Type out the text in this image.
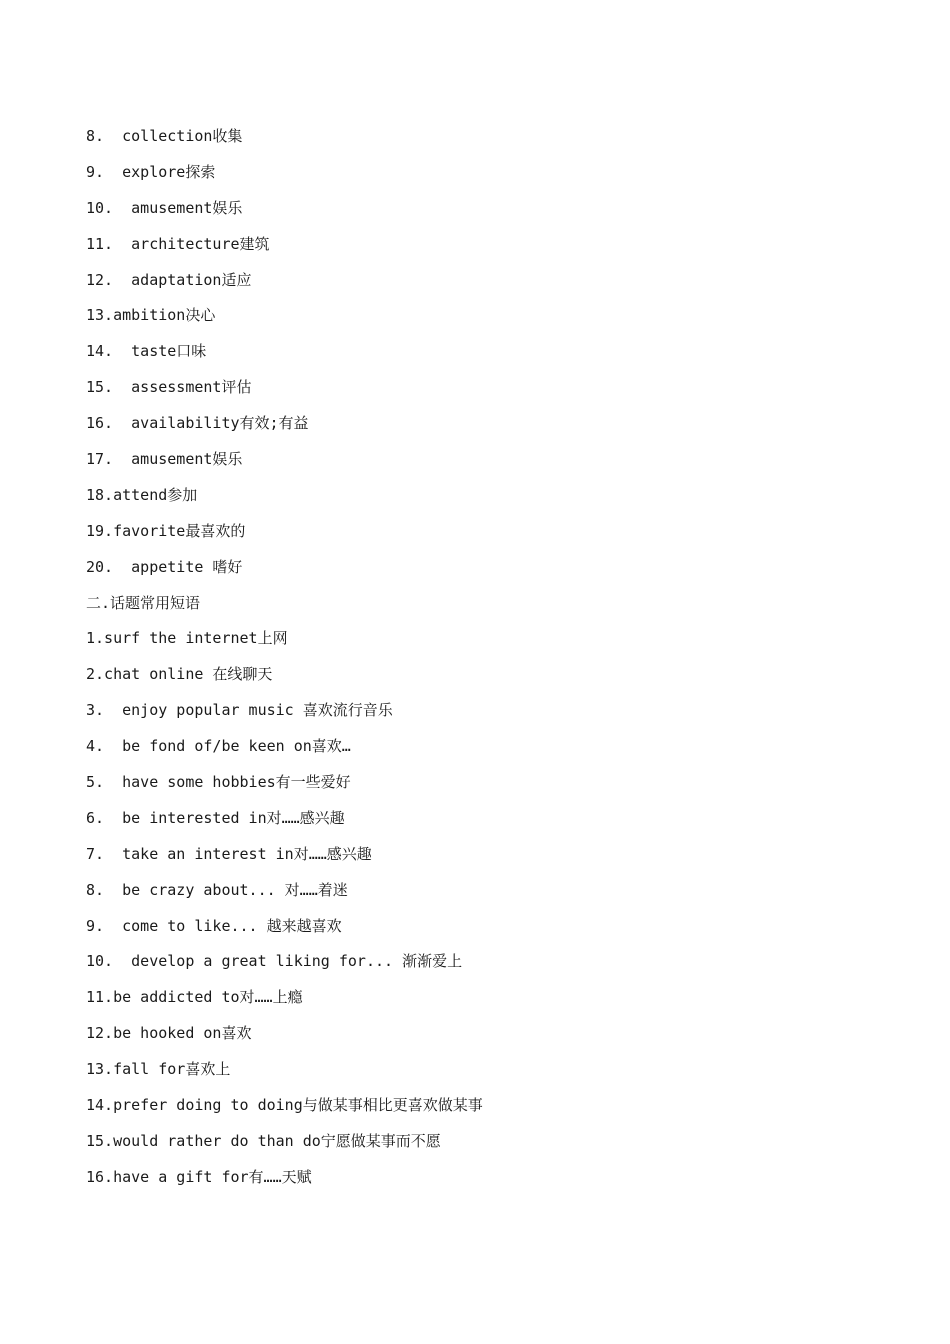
8.  collection收集
9.  explore探索
10.  amusement娱乐
11.  architecture建筑
12.  adaptation适应
13.ambition决心
14.  taste口味
15.  assessment评估
16.  availability有效;有益
17.  amusement娱乐
18.attend参加
19.favorite最喜欢的
20.  appetite 嗜好
二.话题常用短语
1.surf the internet上网
2.chat online 在线聊天
3.  enjoy popular music 喜欢流行音乐
4.  be fond of/be keen on喜欢…
5.  have some hobbies有一些爱好
6.  be interested in对……感兴趣
7.  take an interest in对……感兴趣
8.  be crazy about... 对……着迷
9.  come to like... 越来越喜欢
10.  develop a great liking for... 渐渐爱上
11.be addicted to对……上瘾
12.be hooked on喜欢
13.fall for喜欢上
14.prefer doing to doing与做某事相比更喜欢做某事
15.would rather do than do宁愿做某事而不愿
16.have a gift for有……天赋
